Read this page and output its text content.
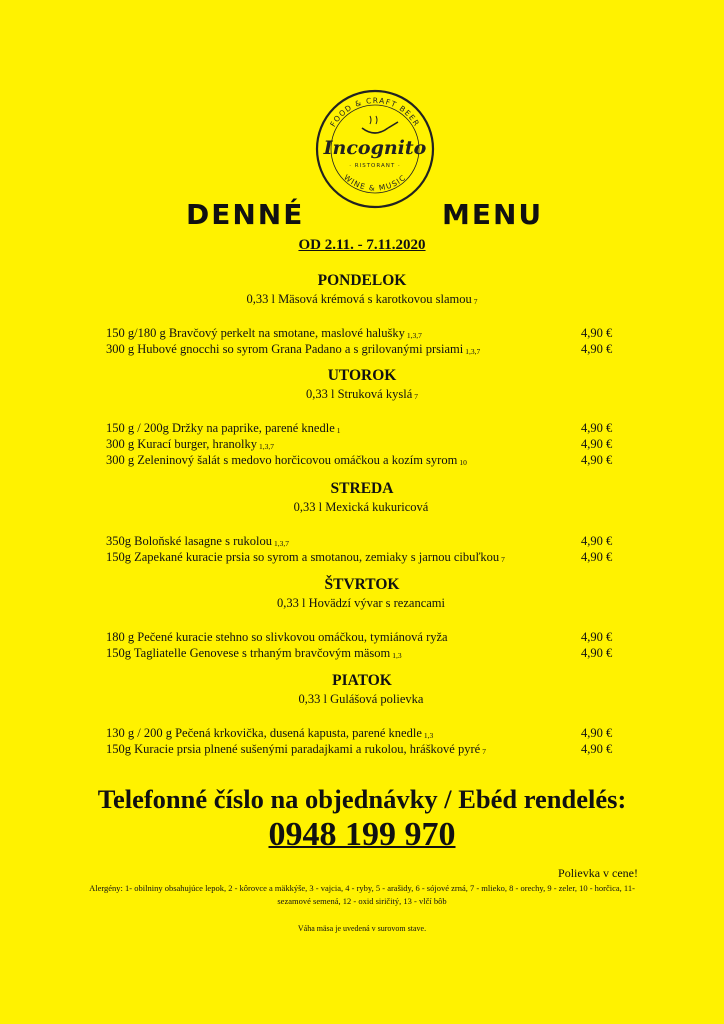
FOOD & CRAFT BEER
WINE & MUSIC
Incognito
· RISTORANT ·
DENNÉ	MENU
OD 2.11. - 7.11.2020
PONDELOK
0,33 l Mäsová krémová s karotkovou slamou $_7$
150 g/180 g Bravčový perkelt na smotane, maslové halušky $_{1,3,7}$	4,90 €
300 g Hubové gnocchi so syrom Grana Padano a s grilovanými prsiami $_{1,3,7}$	4,90 €
UTOROK
0,33 l Struková kyslá $_7$
150 g / 200g Držky na paprike, parené knedle $_1$	4,90 €
300 g Kurací burger, hranolky $_{1,3,7}$	4,90 €
300 g Zeleninový šalát s medovo horčicovou omáčkou a kozím syrom $_{10}$	4,90 €
STREDA
0,33 l Mexická kukuricová
350g Boloňské lasagne s rukolou $_{1,3,7}$	4,90 €
150g Zapekané kuracie prsia so syrom a smotanou, zemiaky s jarnou cibuľkou $_7$	4,90 €
ŠTVRTOK
0,33 l Hovädzí vývar s rezancami
180 g Pečené kuracie stehno so slivkovou omáčkou, tymiánová ryža	4,90 €
150g Tagliatelle Genovese s trhaným bravčovým mäsom $_{1,3}$	4,90 €
PIATOK
0,33 l Gulášová polievka
130 g / 200 g Pečená krkovička, dusená kapusta, parené knedle $_{1,3}$	4,90 €
150g Kuracie prsia plnené sušenými paradajkami a rukolou, hráškové pyré $_7$	4,90 €
Telefonné číslo na objednávky / Ebéd rendelés:
0948 199 970
Polievka v cene!
Alergény: 1- obilniny obsahujúce lepok, 2 - kôrovce a mäkkýše, 3 - vajcia, 4 - ryby, 5 - arašidy, 6 - sójové zrná, 7 - mlieko, 8 - orechy, 9 - zeler, 10 - horčica, 11- sezamové semená, 12 - oxid siričitý, 13 - vlčí bôb
Váha mäsa je uvedená v surovom stave.
